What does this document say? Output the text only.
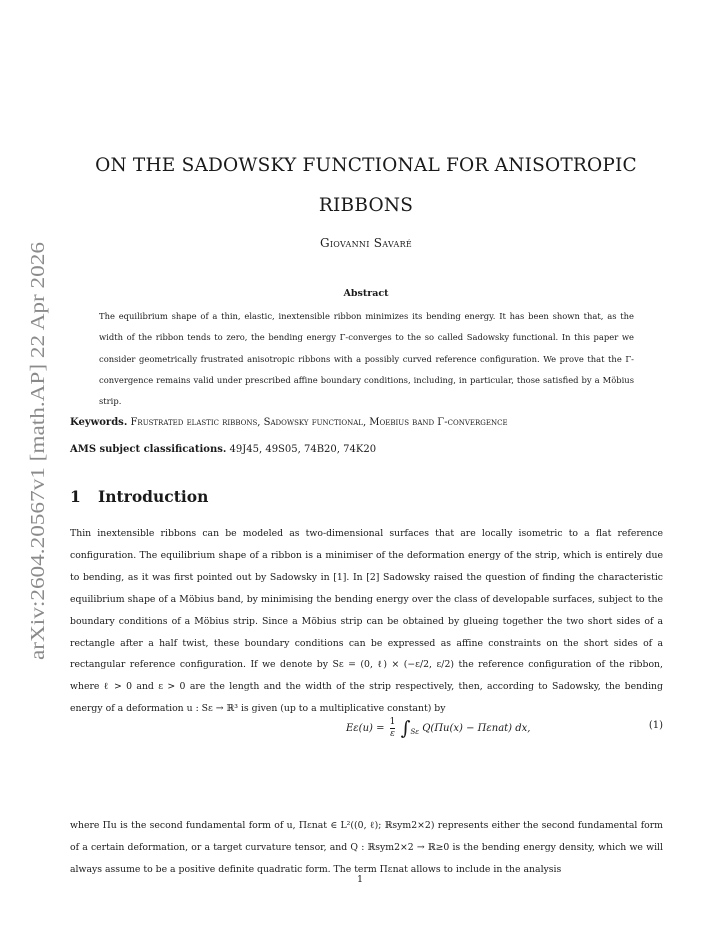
arXiv:2604.20567v1 [math.AP] 22 Apr 2026
ON THE SADOWSKY FUNCTIONAL FOR ANISOTROPIC RIBBONS
Giovanni Savaré
Abstract

The equilibrium shape of a thin, elastic, inextensible ribbon minimizes its bending energy. It has been shown that, as the width of the ribbon tends to zero, the bending energy Γ-converges to the so called Sadowsky functional. In this paper we consider geometrically frustrated anisotropic ribbons with a possibly curved reference configuration. We prove that the Γ-convergence remains valid under prescribed affine boundary conditions, including, in particular, those satisfied by a Möbius strip.

Keywords. Frustrated elastic ribbons, Sadowsky functional, Moebius band Γ-convergence
AMS subject classifications. 49J45, 49S05, 74B20, 74K20
1 Introduction

Thin inextensible ribbons can be modeled as two-dimensional surfaces that are locally isometric to a flat reference configuration. The equilibrium shape of a ribbon is a minimiser of the deformation energy of the strip, which is entirely due to bending, as it was first pointed out by Sadowsky in [1]. In [2] Sadowsky raised the question of finding the characteristic equilibrium shape of a Möbius band, by minimising the bending energy over the class of developable surfaces, subject to the boundary conditions of a Möbius strip. Since a Möbius strip can be obtained by glueing together the two short sides of a rectangle after a half twist, these boundary conditions can be expressed as affine constraints on the short sides of a rectangular reference configuration. If we denote by Sε = (0, ℓ) × (−ε/2, ε/2) the reference configuration of the ribbon, where ℓ > 0 and ε > 0 are the length and the width of the strip respectively, then, according to Sadowsky, the bending energy of a deformation u : Sε → ℝ³ is given (up to a multiplicative constant) by

$E\varepsilon(u) = \frac{1}{\varepsilon} \int_{S\varepsilon}$ Q(Πu(x) − Πεnat) dx,	(1)

where Πu is the second fundamental form of u, Πεnat ∈ L²((0, ℓ); ℝsym2×2) represents either the second fundamental form of a certain deformation, or a target curvature tensor, and Q : ℝsym2×2 → ℝ≥0 is the bending energy density, which we will always assume to be a positive definite quadratic form. The term Πεnat allows to include in the analysis

1
